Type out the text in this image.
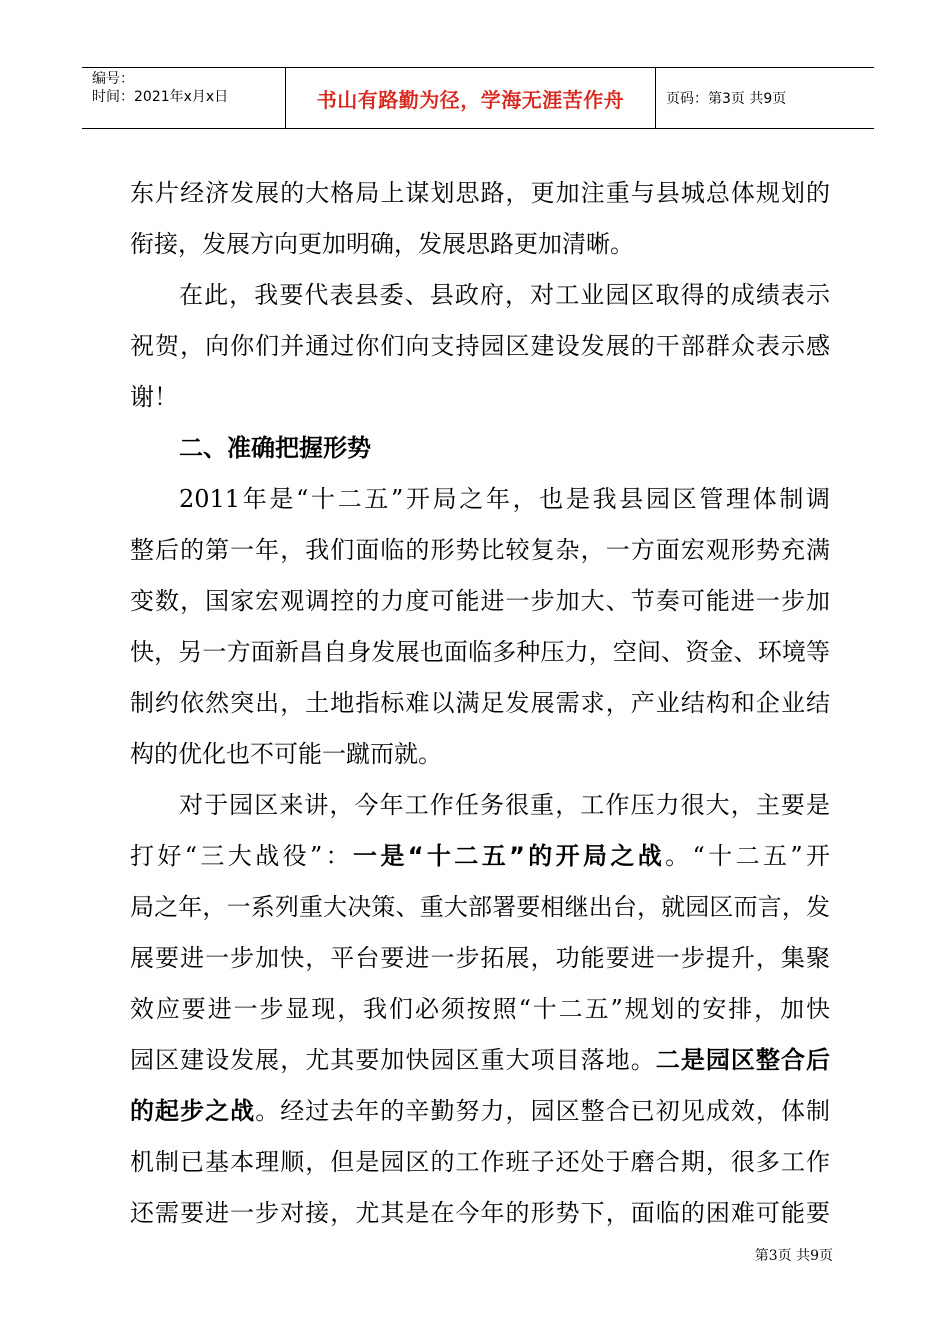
编号：
时间：2021年x月x日	书山有路勤为径，学海无涯苦作舟	页码：第3页 共9页
东片经济发展的大格局上谋划思路，更加注重与县城总体规划的
衔接，发展方向更加明确，发展思路更加清晰。
在此，我要代表县委、县政府，对工业园区取得的成绩表示
祝贺，向你们并通过你们向支持园区建设发展的干部群众表示感
谢！
二、准确把握形势
2011年是“十二五”开局之年，也是我县园区管理体制调
整后的第一年，我们面临的形势比较复杂，一方面宏观形势充满
变数，国家宏观调控的力度可能进一步加大、节奏可能进一步加
快，另一方面新昌自身发展也面临多种压力，空间、资金、环境等
制约依然突出，土地指标难以满足发展需求，产业结构和企业结
构的优化也不可能一蹴而就。
对于园区来讲，今年工作任务很重，工作压力很大，主要是
打好“三大战役”：一是“十二五”的开局之战。“十二五”开
局之年，一系列重大决策、重大部署要相继出台，就园区而言，发
展要进一步加快，平台要进一步拓展，功能要进一步提升，集聚
效应要进一步显现，我们必须按照“十二五”规划的安排，加快
园区建设发展，尤其要加快园区重大项目落地。二是园区整合后
的起步之战。经过去年的辛勤努力，园区整合已初见成效，体制
机制已基本理顺，但是园区的工作班子还处于磨合期，很多工作
还需要进一步对接，尤其是在今年的形势下，面临的困难可能要
第3页 共9页
